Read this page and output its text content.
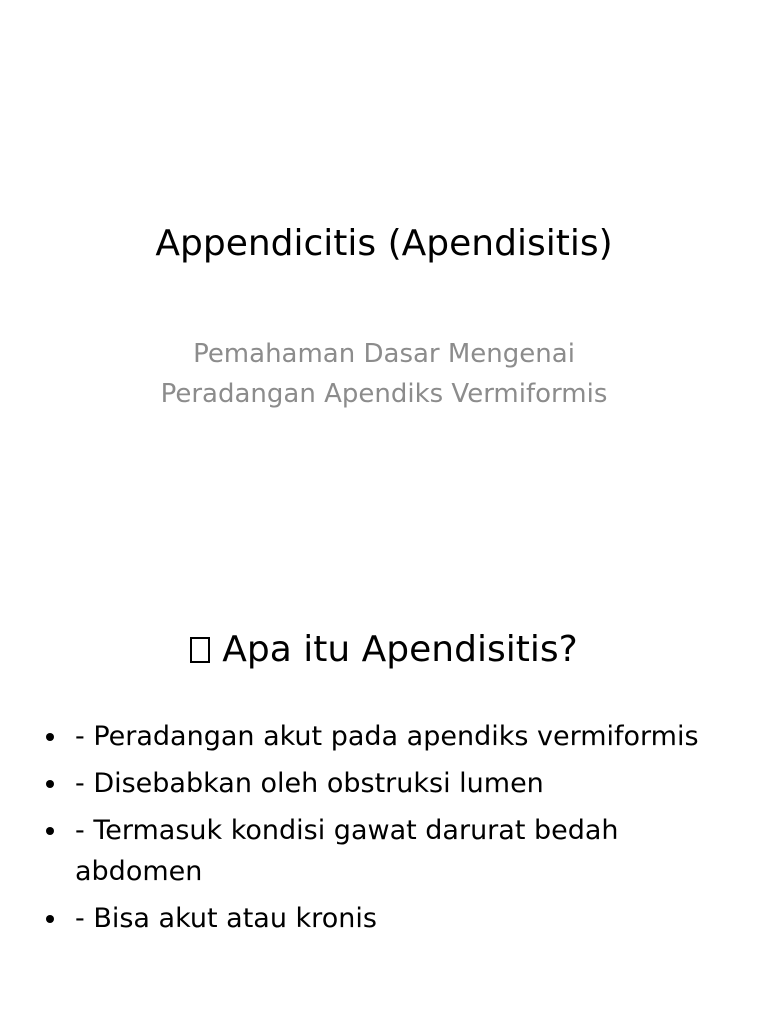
Appendicitis (Apendisitis)
Pemahaman Dasar Mengenai
Peradangan Apendiks Vermiformis
Apa itu Apendisitis?
- Peradangan akut pada apendiks vermiformis
- Disebabkan oleh obstruksi lumen
- Termasuk kondisi gawat darurat bedah abdomen
- Bisa akut atau kronis
